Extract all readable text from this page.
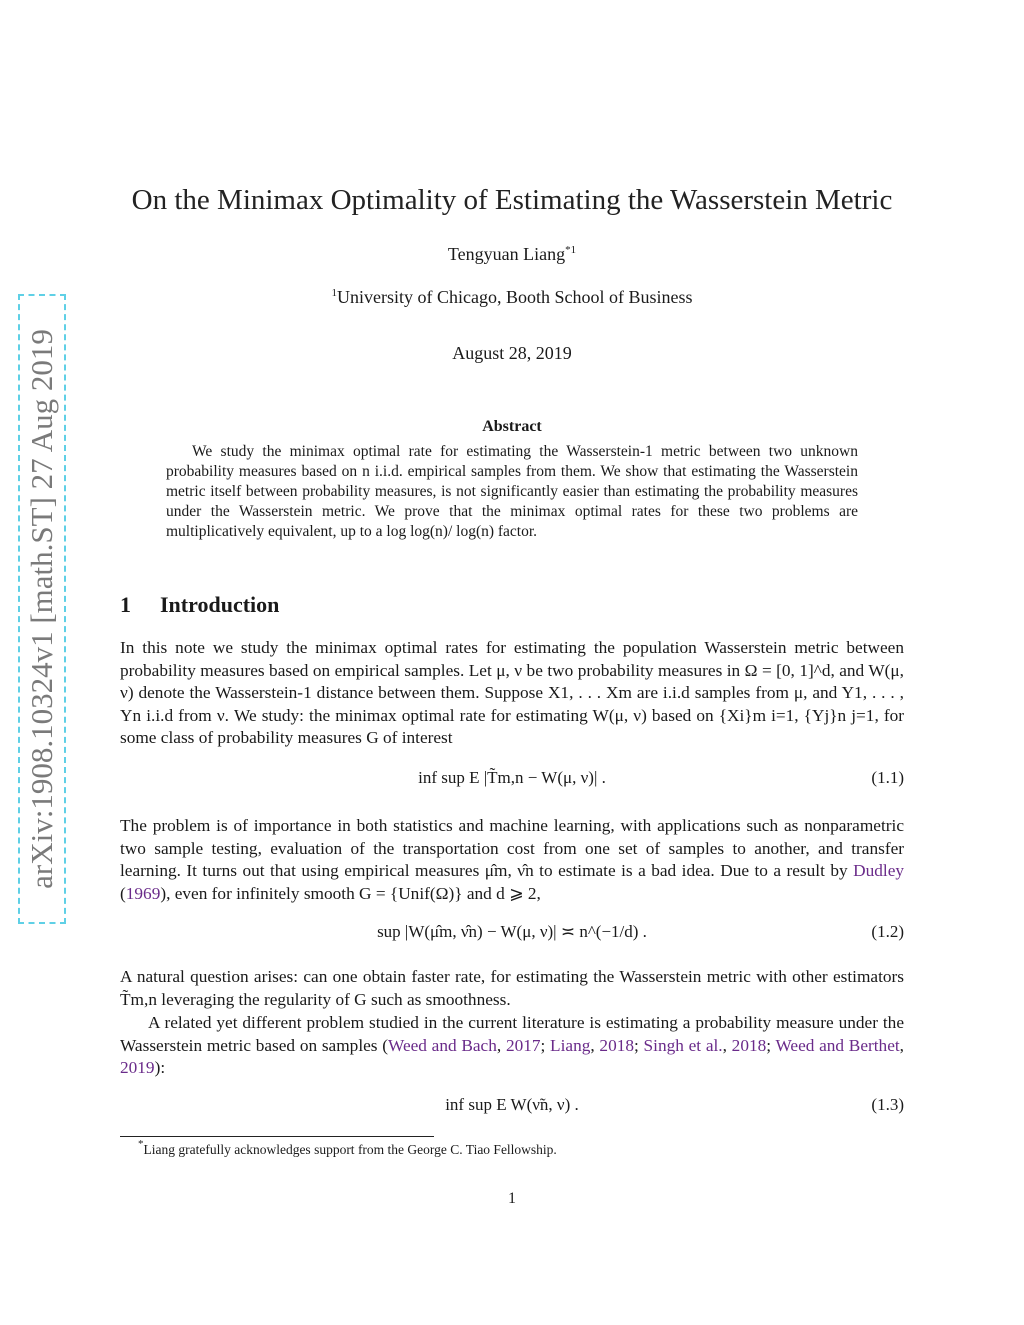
arXiv:1908.10324v1 [math.ST] 27 Aug 2019
On the Minimax Optimality of Estimating the Wasserstein Metric
Tengyuan Liang$^{*1}$
$^1$University of Chicago, Booth School of Business
August 28, 2019
Abstract
We study the minimax optimal rate for estimating the Wasserstein-1 metric between two unknown probability measures based on n i.i.d. empirical samples from them. We show that estimating the Wasserstein metric itself between probability measures, is not significantly easier than estimating the probability measures under the Wasserstein metric. We prove that the minimax optimal rates for these two problems are multiplicatively equivalent, up to a log log(n)/ log(n) factor.
1 Introduction

In this note we study the minimax optimal rates for estimating the population Wasserstein metric between probability measures based on empirical samples. Let μ, ν be two probability measures in Ω = [0, 1]^d, and W(μ, ν) denote the Wasserstein-1 distance between them. Suppose X1, . . . Xm are i.i.d samples from μ, and Y1, . . . , Yn i.i.d from ν. We study: the minimax optimal rate for estimating W(μ, ν) based on {Xi}m i=1, {Yj}n j=1, for some class of probability measures G of interest

inf sup E |T̃m,n − W(μ, ν)| .	(1.1)

The problem is of importance in both statistics and machine learning, with applications such as nonparametric two sample testing, evaluation of the transportation cost from one set of samples to another, and transfer learning. It turns out that using empirical measures μ̂m, ν̂n to estimate is a bad idea. Due to a result by Dudley (1969), even for infinitely smooth G = {Unif(Ω)} and d ⩾ 2,

sup |W(μ̂m, ν̂n) − W(μ, ν)| ≍ n^(−1/d) .	(1.2)

A natural question arises: can one obtain faster rate, for estimating the Wasserstein metric with other estimators T̃m,n leveraging the regularity of G such as smoothness.

A related yet different problem studied in the current literature is estimating a probability measure under the Wasserstein metric based on samples (Weed and Bach, 2017; Liang, 2018; Singh et al., 2018; Weed and Berthet, 2019):

inf sup E W(ν̃n, ν) .	(1.3)
*Liang gratefully acknowledges support from the George C. Tiao Fellowship.
1
